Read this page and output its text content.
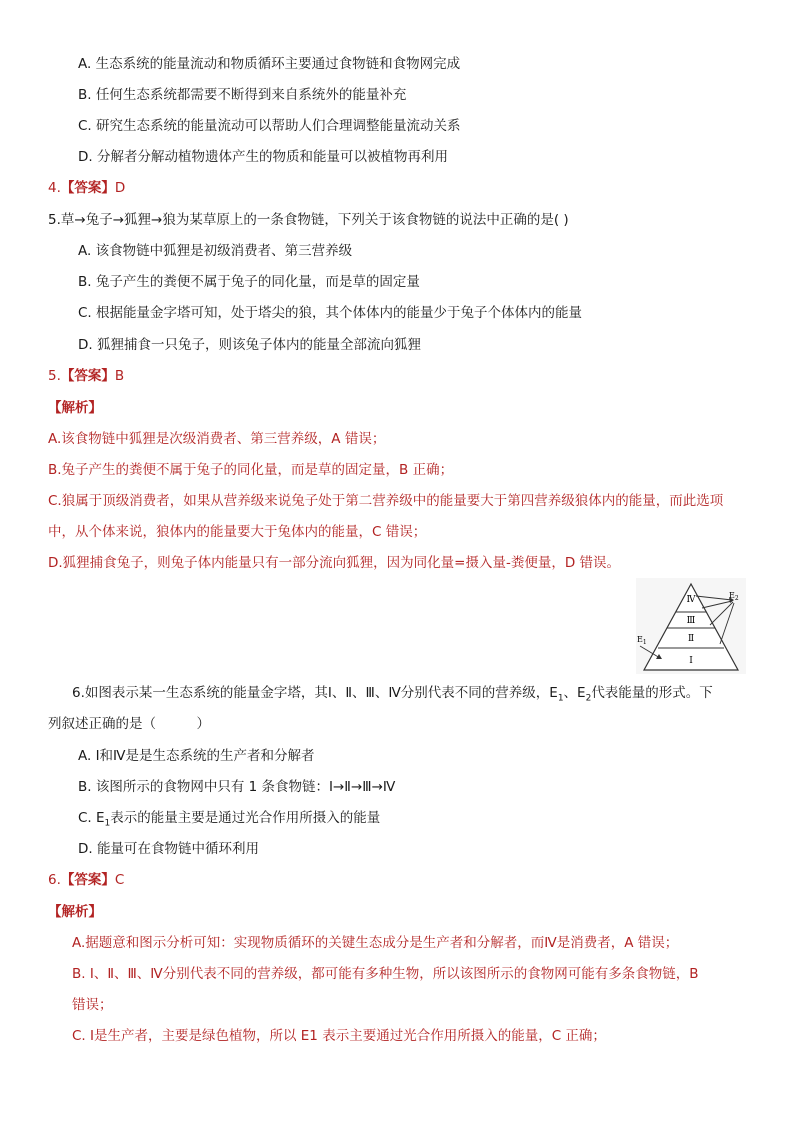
A. 生态系统的能量流动和物质循环主要通过食物链和食物网完成
B. 任何生态系统都需要不断得到来自系统外的能量补充
C. 研究生态系统的能量流动可以帮助人们合理调整能量流动关系
D. 分解者分解动植物遗体产生的物质和能量可以被植物再利用
4.【答案】D
5.草→兔子→狐狸→狼为某草原上的一条食物链，下列关于该食物链的说法中正确的是( )
A. 该食物链中狐狸是初级消费者、第三营养级
B. 兔子产生的粪便不属于兔子的同化量，而是草的固定量
C. 根据能量金字塔可知，处于塔尖的狼，其个体体内的能量少于兔子个体体内的能量
D. 狐狸捕食一只兔子，则该兔子体内的能量全部流向狐狸
5.【答案】B
【解析】
A.该食物链中狐狸是次级消费者、第三营养级，A 错误；
B.兔子产生的粪便不属于兔子的同化量，而是草的固定量，B 正确；
C.狼属于顶级消费者，如果从营养级来说兔子处于第二营养级中的能量要大于第四营养级狼体内的能量，而此选项
中，从个体来说，狼体内的能量要大于兔体内的能量，C 错误；
D.狐狸捕食兔子，则兔子体内能量只有一部分流向狐狸，因为同化量=摄入量-粪便量，D 错误。
Ⅳ
Ⅲ
Ⅱ
Ⅰ
$E_2$
$E_1$
6.如图表示某一生态系统的能量金字塔，其Ⅰ、Ⅱ、Ⅲ、Ⅳ分别代表不同的营养级，$E_1$、$E_2$代表能量的形式。下
列叙述正确的是（　　　）
A. Ⅰ和Ⅳ是是生态系统的生产者和分解者
B. 该图所示的食物网中只有 1 条食物链：Ⅰ→Ⅱ→Ⅲ→Ⅳ
C. $E_1$表示的能量主要是通过光合作用所摄入的能量
D. 能量可在食物链中循环利用
6.【答案】C
【解析】
A.据题意和图示分析可知：实现物质循环的关键生态成分是生产者和分解者，而Ⅳ是消费者，A 错误；
B. Ⅰ、Ⅱ、Ⅲ、Ⅳ分别代表不同的营养级，都可能有多种生物，所以该图所示的食物网可能有多条食物链，B
错误；
C. Ⅰ是生产者，主要是绿色植物，所以 E1 表示主要通过光合作用所摄入的能量，C 正确；
